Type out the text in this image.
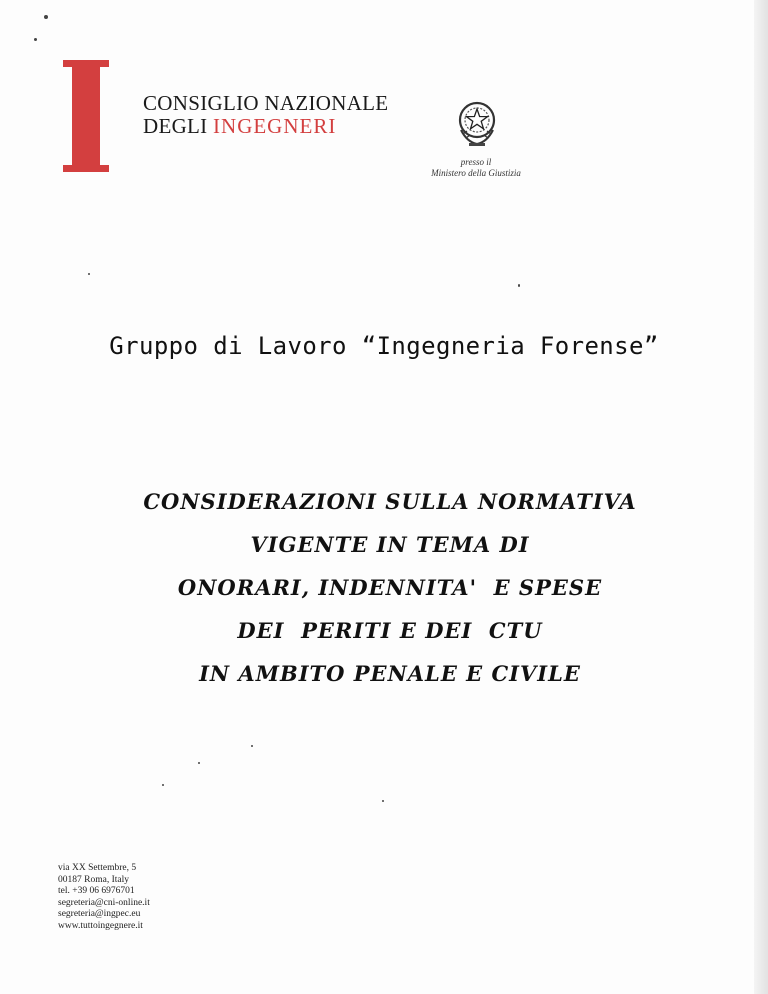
CONSIGLIO NAZIONALE
DEGLI INGEGNERI
presso il
Ministero della Giustizia
Gruppo di Lavoro “Ingegneria Forense”
CONSIDERAZIONI SULLA NORMATIVA
VIGENTE IN TEMA DI
ONORARI, INDENNITA'  E SPESE
DEI  PERITI E DEI  CTU
IN AMBITO PENALE E CIVILE
via XX Settembre, 5
00187 Roma, Italy
tel. +39 06 6976701
segreteria@cni-online.it
segreteria@ingpec.eu
www.tuttoingegnere.it
